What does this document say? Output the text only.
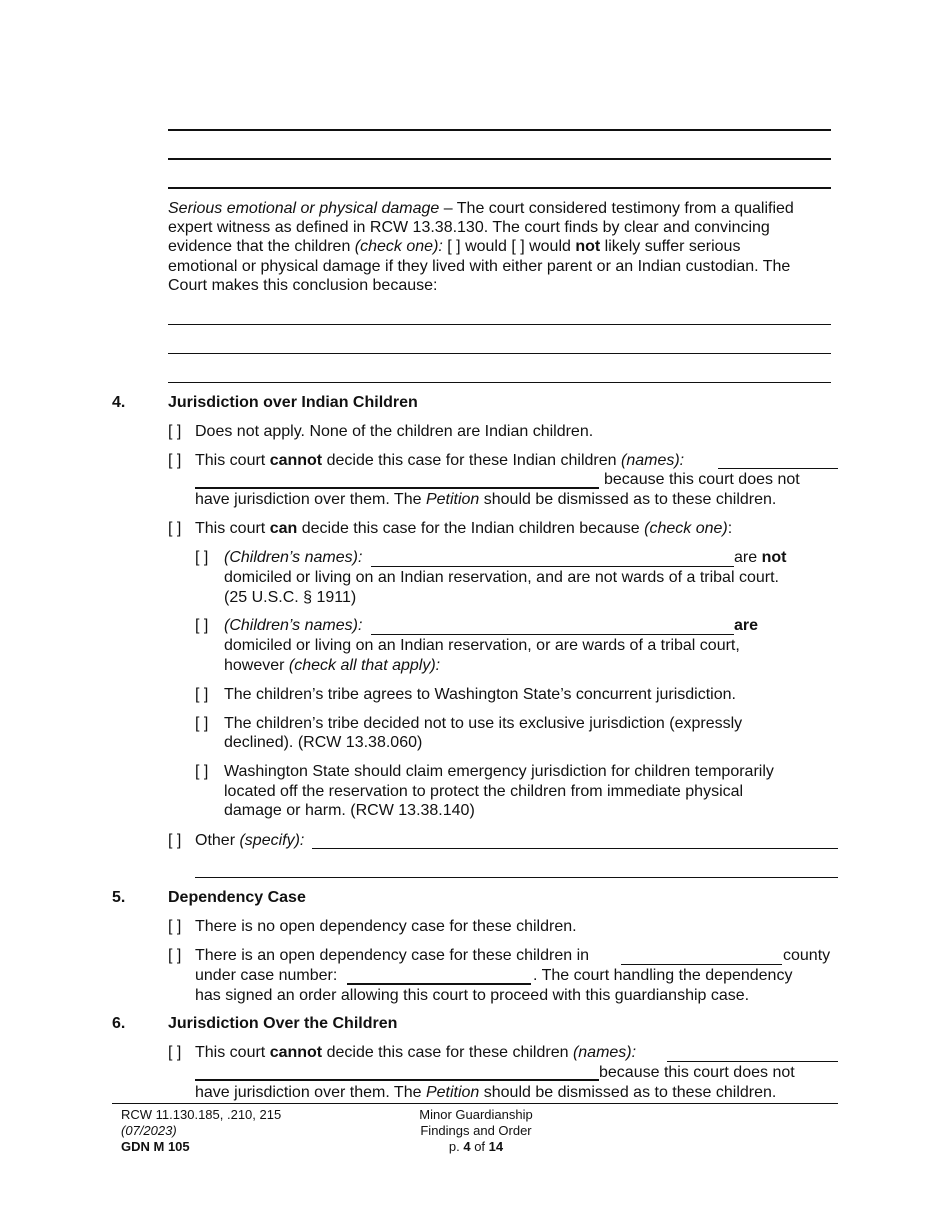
Serious emotional or physical damage – The court considered testimony from a qualified
expert witness as defined in RCW 13.38.130. The court finds by clear and convincing
evidence that the children (check one): [ ] would [ ] would not likely suffer serious
emotional or physical damage if they lived with either parent or an Indian custodian. The
Court makes this conclusion because:
4.	Jurisdiction over Indian Children
[ ] Does not apply. None of the children are Indian children.
[ ] This court cannot decide this case for these Indian children (names):
because this court does not
have jurisdiction over them. The Petition should be dismissed as to these children.
[ ] This court can decide this case for the Indian children because (check one):
[ ] (Children’s names):	are not
domiciled or living on an Indian reservation, and are not wards of a tribal court.
(25 U.S.C. § 1911)
[ ] (Children’s names):	are
domiciled or living on an Indian reservation, or are wards of a tribal court,
however (check all that apply):
[ ] The children’s tribe agrees to Washington State’s concurrent jurisdiction.
[ ] The children’s tribe decided not to use its exclusive jurisdiction (expressly
declined). (RCW 13.38.060)
[ ] Washington State should claim emergency jurisdiction for children temporarily
located off the reservation to protect the children from immediate physical
damage or harm. (RCW 13.38.140)
[ ] Other (specify):
5.	Dependency Case
[ ] There is no open dependency case for these children.
[ ] There is an open dependency case for these children in	county
under case number:	. The court handling the dependency
has signed an order allowing this court to proceed with this guardianship case.
6.	Jurisdiction Over the Children
[ ] This court cannot decide this case for these children (names):
because this court does not
have jurisdiction over them. The Petition should be dismissed as to these children.
RCW 11.130.185, .210, 215
(07/2023)
GDN M 105
Minor Guardianship
Findings and Order
p. 4 of 14
